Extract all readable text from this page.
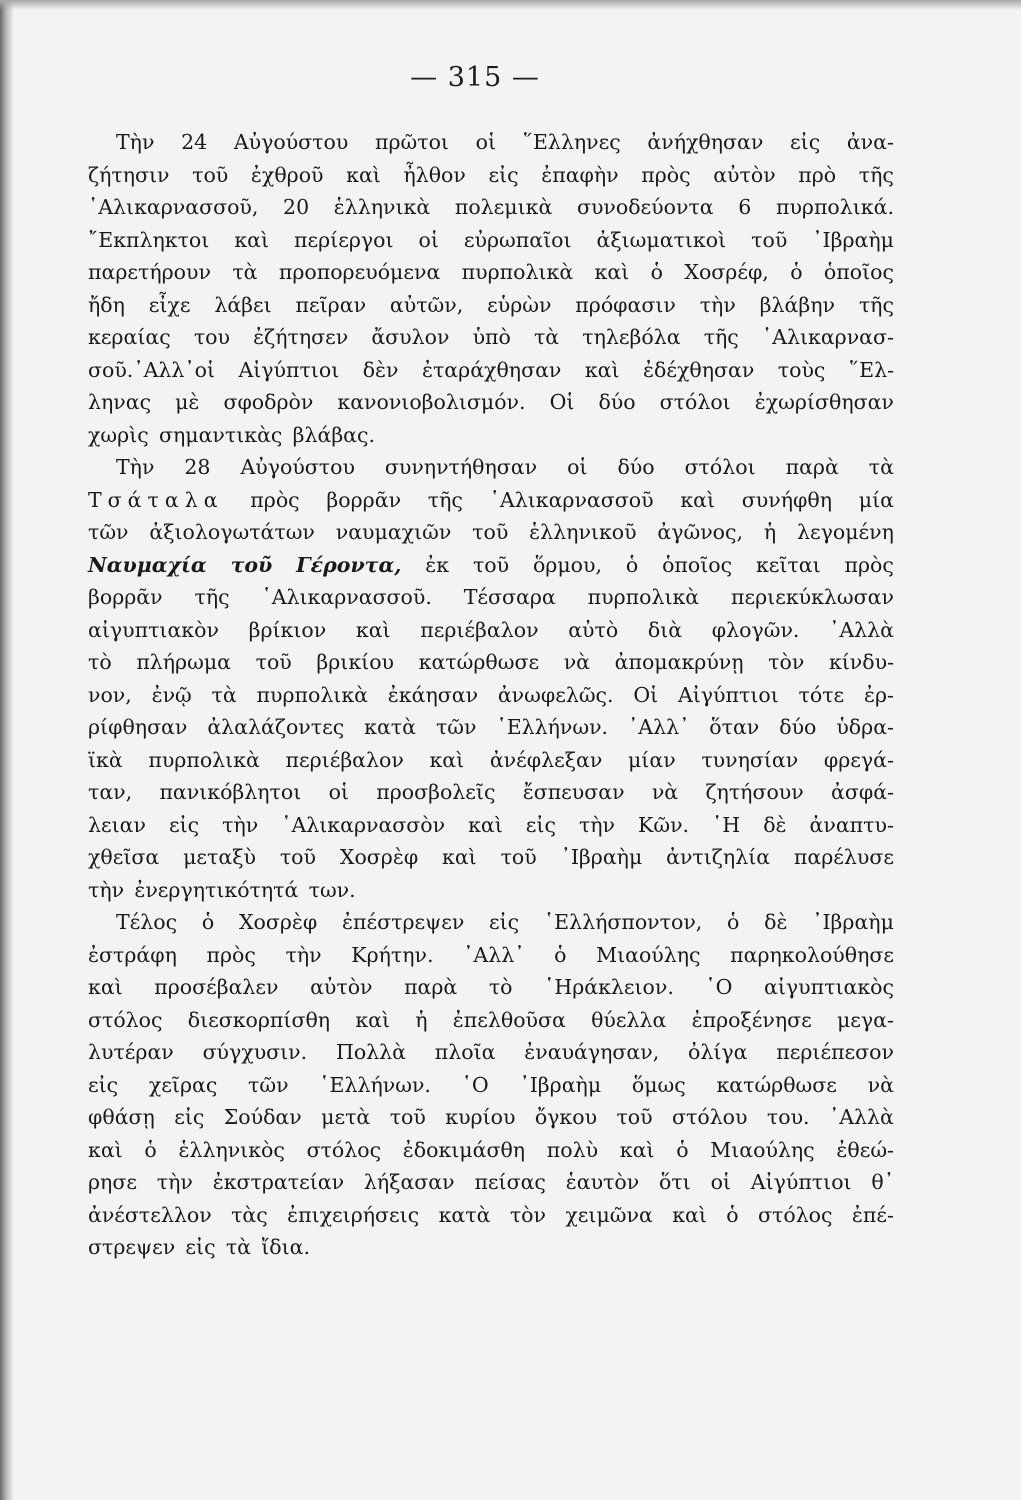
— 315 —
Τὴν 24 Αὐγούστου πρῶτοι οἱ ῞Ελληνες ἀνήχθησαν εἰς ἀνα-
ζήτησιν τοῦ ἐχθροῦ καὶ ἦλθον εἰς ἐπαφὴν πρὸς αὐτὸν πρὸ τῆς
῾Αλικαρνασσοῦ, 20 ἑλληνικὰ πολεμικὰ συνοδεύοντα 6 πυρπολικά.
῎Εκπληκτοι καὶ περίεργοι οἱ εὐρωπαῖοι ἀξιωματικοὶ τοῦ ᾿Ιβραὴμ
παρετήρουν τὰ προπορευόμενα πυρπολικὰ καὶ ὁ Χοσρέφ, ὁ ὁποῖος
ἤδη εἶχε λάβει πεῖραν αὐτῶν, εὑρὼν πρόφασιν τὴν βλάβην τῆς
κεραίας του ἐζήτησεν ἄσυλον ὑπὸ τὰ τηλεβόλα τῆς ῾Αλικαρνασ-
σοῦ.᾿Αλλ᾿οἱ Αἰγύπτιοι δὲν ἐταράχθησαν καὶ ἐδέχθησαν τοὺς ῞Ελ-
ληνας μὲ σφοδρὸν κανονιοβολισμόν. Οἱ δύο στόλοι ἐχωρίσθησαν
χωρὶς σημαντικὰς βλάβας.
Τὴν 28 Αὐγούστου συνηντήθησαν οἱ δύο στόλοι παρὰ τὰ
Τσάταλα πρὸς βορρᾶν τῆς ῾Αλικαρνασσοῦ καὶ συνήφθη μία
τῶν ἀξιολογωτάτων ναυμαχιῶν τοῦ ἑλληνικοῦ ἀγῶνος, ἡ λεγομένη
Ναυμαχία τοῦ Γέροντα, ἐκ τοῦ ὅρμου, ὁ ὁποῖος κεῖται πρὸς
βορρᾶν τῆς ῾Αλικαρνασσοῦ. Τέσσαρα πυρπολικὰ περιεκύκλωσαν
αἰγυπτιακὸν βρίκιον καὶ περιέβαλον αὐτὸ διὰ φλογῶν. ᾿Αλλὰ
τὸ πλήρωμα τοῦ βρικίου κατώρθωσε νὰ ἀπομακρύνῃ τὸν κίνδυ-
νον, ἐνῷ τὰ πυρπολικὰ ἐκάησαν ἀνωφελῶς. Οἱ Αἰγύπτιοι τότε ἐρ-
ρίφθησαν ἀλαλάζοντες κατὰ τῶν ῾Ελλήνων. ᾿Αλλ᾿ ὅταν δύο ὑδρα-
ϊκὰ πυρπολικὰ περιέβαλον καὶ ἀνέφλεξαν μίαν τυνησίαν φρεγά-
ταν, πανικόβλητοι οἱ προσβολεῖς ἔσπευσαν νὰ ζητήσουν ἀσφά-
λειαν εἰς τὴν ῾Αλικαρνασσὸν καὶ εἰς τὴν Κῶν. ῾Η δὲ ἀναπτυ-
χθεῖσα μεταξὺ τοῦ Χοσρὲφ καὶ τοῦ ᾿Ιβραὴμ ἀντιζηλία παρέλυσε
τὴν ἐνεργητικότητά των.
Τέλος ὁ Χοσρὲφ ἐπέστρεψεν εἰς ῾Ελλήσποντον, ὁ δὲ ᾿Ιβραὴμ
ἐστράφη πρὸς τὴν Κρήτην. ᾿Αλλ᾿ ὁ Μιαούλης παρηκολούθησε
καὶ προσέβαλεν αὐτὸν παρὰ τὸ ῾Ηράκλειον. ῾Ο αἰγυπτιακὸς
στόλος διεσκορπίσθη καὶ ἡ ἐπελθοῦσα θύελλα ἐπροξένησε μεγα-
λυτέραν σύγχυσιν. Πολλὰ πλοῖα ἐναυάγησαν, ὀλίγα περιέπεσον
εἰς χεῖρας τῶν ῾Ελλήνων. ῾Ο ᾿Ιβραὴμ ὅμως κατώρθωσε νὰ
φθάσῃ εἰς Σούδαν μετὰ τοῦ κυρίου ὄγκου τοῦ στόλου του. ᾿Αλλὰ
καὶ ὁ ἑλληνικὸς στόλος ἐδοκιμάσθη πολὺ καὶ ὁ Μιαούλης ἐθεώ-
ρησε τὴν ἐκστρατείαν λήξασαν πείσας ἑαυτὸν ὅτι οἱ Αἰγύπτιοι θ᾿
ἀνέστελλον τὰς ἐπιχειρήσεις κατὰ τὸν χειμῶνα καὶ ὁ στόλος ἐπέ-
στρεψεν εἰς τὰ ἴδια.
